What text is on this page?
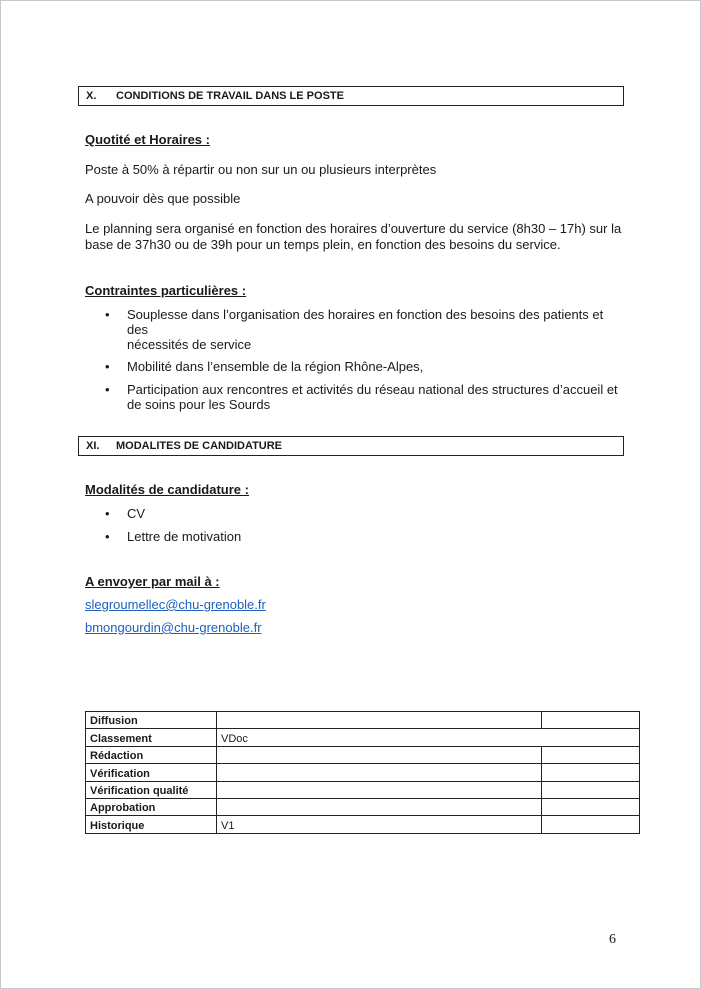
X.	CONDITIONS DE TRAVAIL DANS LE POSTE
Quotité et Horaires :
Poste à 50% à répartir ou non sur un ou plusieurs interprètes
A pouvoir dès que possible
Le planning sera organisé en fonction des horaires d’ouverture du service (8h30 – 17h) sur la
base de 37h30 ou de 39h pour un temps plein, en fonction des besoins du service.
Contraintes particulières :
• Souplesse dans l’organisation des horaires en fonction des besoins des patients et des
nécessités de service
• Mobilité dans l’ensemble de la région Rhône-Alpes,
• Participation aux rencontres et activités du réseau national des structures d’accueil et
de soins pour les Sourds
XI.	MODALITES DE CANDIDATURE
Modalités de candidature :
• CV
• Lettre de motivation
A envoyer par mail à :
slegroumellec@chu-grenoble.fr
bmongourdin@chu-grenoble.fr
Diffusion		
Classement	VDoc	
Rédaction		
Vérification		
Vérification qualité		
Approbation		
Historique	V1	
6
